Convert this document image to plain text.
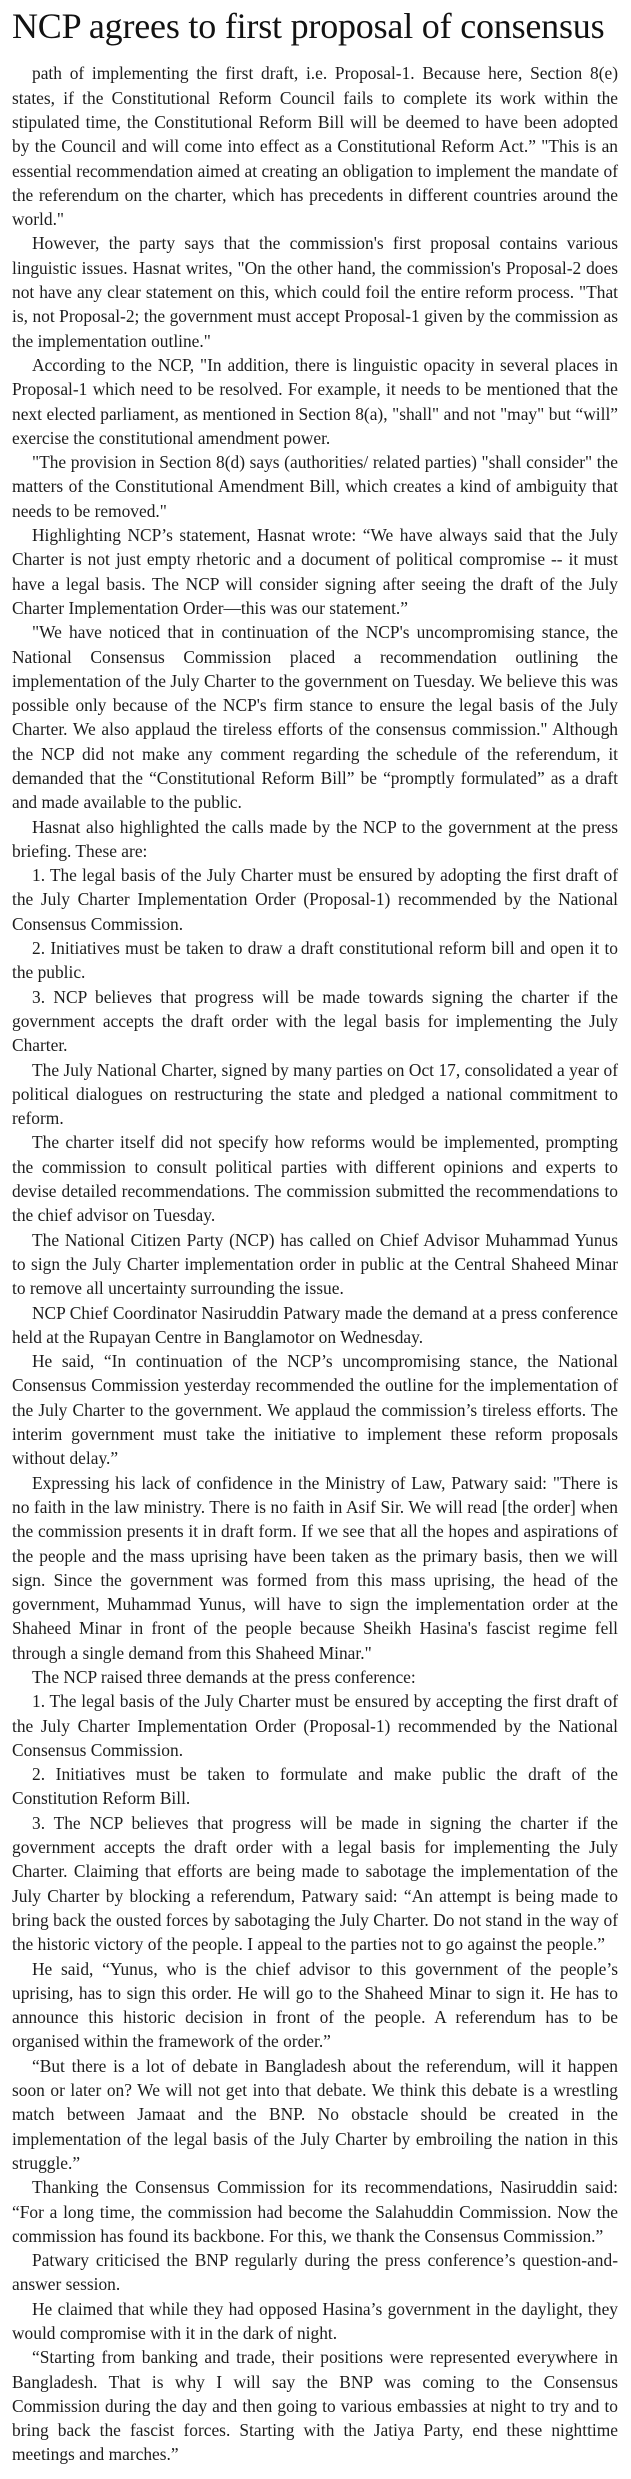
NCP agrees to first proposal of consensus

path of implementing the first draft, i.e. Proposal-1. Because here, Section 8(e) states, if the Constitutional Reform Council fails to complete its work within the stipulated time, the Constitutional Reform Bill will be deemed to have been adopted by the Council and will come into effect as a Constitutional Reform Act.” "This is an essential recommendation aimed at creating an obligation to implement the mandate of the referendum on the charter, which has precedents in different countries around the world."

However, the party says that the commission's first proposal contains various linguistic issues. Hasnat writes, "On the other hand, the commission's Proposal-2 does not have any clear statement on this, which could foil the entire reform process. "That is, not Proposal-2; the government must accept Proposal-1 given by the commission as the implementation outline."

According to the NCP, "In addition, there is linguistic opacity in several places in Proposal-1 which need to be resolved. For example, it needs to be mentioned that the next elected parliament, as mentioned in Section 8(a), "shall" and not "may" but “will” exercise the constitutional amendment power.

"The provision in Section 8(d) says (authorities/ related parties) "shall consider" the matters of the Constitutional Amendment Bill, which creates a kind of ambiguity that needs to be removed."

Highlighting NCP’s statement, Hasnat wrote: “We have always said that the July Charter is not just empty rhetoric and a document of political compromise -- it must have a legal basis. The NCP will consider signing after seeing the draft of the July Charter Implementation Order—this was our statement.”

"We have noticed that in continuation of the NCP's uncompromising stance, the National Consensus Commission placed a recommendation outlining the implementation of the July Charter to the government on Tuesday. We believe this was possible only because of the NCP's firm stance to ensure the legal basis of the July Charter. We also applaud the tireless efforts of the consensus commission." Although the NCP did not make any comment regarding the schedule of the referendum, it demanded that the “Constitutional Reform Bill” be “promptly formulated” as a draft and made available to the public.

Hasnat also highlighted the calls made by the NCP to the government at the press briefing. These are:

1. The legal basis of the July Charter must be ensured by adopting the first draft of the July Charter Implementation Order (Proposal-1) recommended by the National Consensus Commission.

2. Initiatives must be taken to draw a draft constitutional reform bill and open it to the public.

3. NCP believes that progress will be made towards signing the charter if the government accepts the draft order with the legal basis for implementing the July Charter.

The July National Charter, signed by many parties on Oct 17, consolidated a year of political dialogues on restructuring the state and pledged a national commitment to reform.

The charter itself did not specify how reforms would be implemented, prompting the commission to consult political parties with different opinions and experts to devise detailed recommendations. The commission submitted the recommendations to the chief advisor on Tuesday.

The National Citizen Party (NCP) has called on Chief Advisor Muhammad Yunus to sign the July Charter implementation order in public at the Central Shaheed Minar to remove all uncertainty surrounding the issue.

NCP Chief Coordinator Nasiruddin Patwary made the demand at a press conference held at the Rupayan Centre in Banglamotor on Wednesday.

He said, “In continuation of the NCP’s uncompromising stance, the National Consensus Commission yesterday recommended the outline for the implementation of the July Charter to the government. We applaud the commission’s tireless efforts. The interim government must take the initiative to implement these reform proposals without delay.”

Expressing his lack of confidence in the Ministry of Law, Patwary said: "There is no faith in the law ministry. There is no faith in Asif Sir. We will read [the order] when the commission presents it in draft form. If we see that all the hopes and aspirations of the people and the mass uprising have been taken as the primary basis, then we will sign. Since the government was formed from this mass uprising, the head of the government, Muhammad Yunus, will have to sign the implementation order at the Shaheed Minar in front of the people because Sheikh Hasina's fascist regime fell through a single demand from this Shaheed Minar."

The NCP raised three demands at the press conference:

1. The legal basis of the July Charter must be ensured by accepting the first draft of the July Charter Implementation Order (Proposal-1) recommended by the National Consensus Commission.

2. Initiatives must be taken to formulate and make public the draft of the Constitution Reform Bill.

3. The NCP believes that progress will be made in signing the charter if the government accepts the draft order with a legal basis for implementing the July Charter. Claiming that efforts are being made to sabotage the implementation of the July Charter by blocking a referendum, Patwary said: “An attempt is being made to bring back the ousted forces by sabotaging the July Charter. Do not stand in the way of the historic victory of the people. I appeal to the parties not to go against the people.”

He said, “Yunus, who is the chief advisor to this government of the people’s uprising, has to sign this order. He will go to the Shaheed Minar to sign it. He has to announce this historic decision in front of the people. A referendum has to be organised within the framework of the order.”

“But there is a lot of debate in Bangladesh about the referendum, will it happen soon or later on? We will not get into that debate. We think this debate is a wrestling match between Jamaat and the BNP. No obstacle should be created in the implementation of the legal basis of the July Charter by embroiling the nation in this struggle.”

Thanking the Consensus Commission for its recommendations, Nasiruddin said: “For a long time, the commission had become the Salahuddin Commission. Now the commission has found its backbone. For this, we thank the Consensus Commission.”

Patwary criticised the BNP regularly during the press conference’s question-and-answer session.

He claimed that while they had opposed Hasina’s government in the daylight, they would compromise with it in the dark of night.

“Starting from banking and trade, their positions were represented everywhere in Bangladesh. That is why I will say the BNP was coming to the Consensus Commission during the day and then going to various embassies at night to try and to bring back the fascist forces. Starting with the Jatiya Party, end these nighttime meetings and marches.”
